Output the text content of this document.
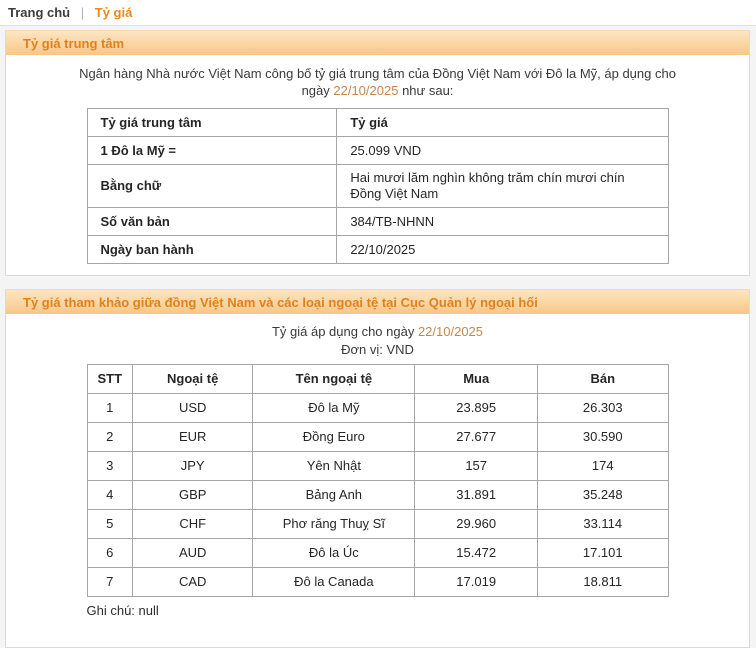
Trang chủ | Tỷ giá
Tỷ giá trung tâm

Ngân hàng Nhà nước Việt Nam công bố tỷ giá trung tâm của Đồng Việt Nam với Đô la Mỹ, áp dụng cho ngày 22/10/2025 như sau:

Tỷ giá trung tâm	Tỷ giá
1 Đô la Mỹ =	25.099 VND
Bằng chữ	Hai mươi lăm nghìn không trăm chín mươi chín Đồng Việt Nam
Số văn bản	384/TB-NHNN
Ngày ban hành	22/10/2025
Tỷ giá tham khảo giữa đồng Việt Nam và các loại ngoại tệ tại Cục Quản lý ngoại hối
Tỷ giá áp dụng cho ngày 22/10/2025
Đơn vị: VND
STT	Ngoại tệ	Tên ngoại tệ	Mua	Bán
1	USD	Đô la Mỹ	23.895	26.303
2	EUR	Đồng Euro	27.677	30.590
3	JPY	Yên Nhật	157	174
4	GBP	Bảng Anh	31.891	35.248
5	CHF	Phơ răng Thuỵ Sĩ	29.960	33.114
6	AUD	Đô la Úc	15.472	17.101
7	CAD	Đô la Canada	17.019	18.811
Ghi chú: null
